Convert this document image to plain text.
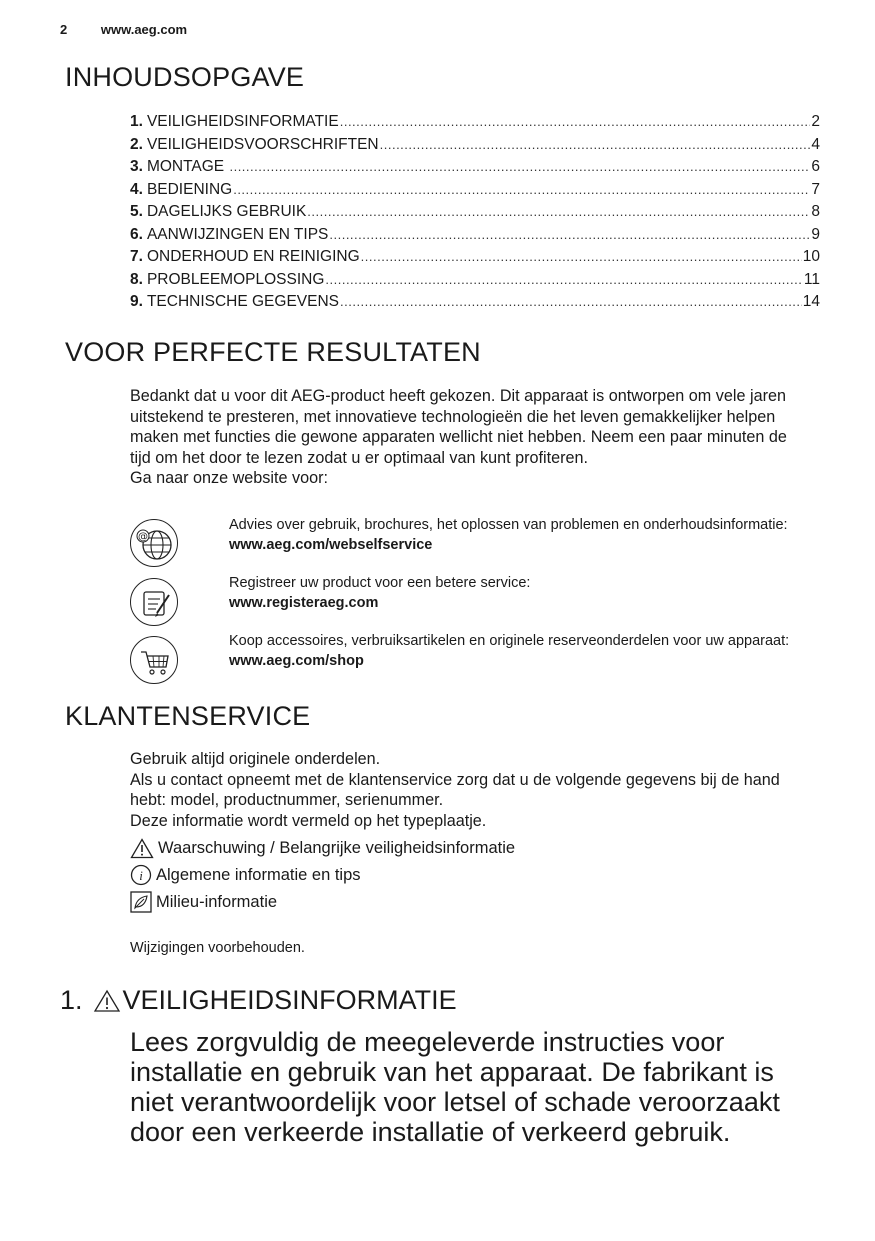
2	www.aeg.com
INHOUDSOPGAVE
1. VEILIGHEIDSINFORMATIE .....	2
2. VEILIGHEIDSVOORSCHRIFTEN .....	4
3. MONTAGE .....	6
4. BEDIENING .....	7
5. DAGELIJKS GEBRUIK .....	8
6. AANWIJZINGEN EN TIPS .....	9
7. ONDERHOUD EN REINIGING .....	10
8. PROBLEEMOPLOSSING .....	11
9. TECHNISCHE GEGEVENS .....	14
VOOR PERFECTE RESULTATEN

Bedankt dat u voor dit AEG-product heeft gekozen. Dit apparaat is ontworpen om vele jaren uitstekend te presteren, met innovatieve technologieën die het leven gemakkelijker helpen maken met functies die gewone apparaten wellicht niet hebben. Neem een paar minuten de tijd om het door te lezen zodat u er optimaal van kunt profiteren.

Ga naar onze website voor:

@
Advies over gebruik, brochures, het oplossen van problemen en onderhoudsinformatie:
www.aeg.com/webselfservice
Registreer uw product voor een betere service:
www.registeraeg.com
Koop accessoires, verbruiksartikelen en originele reserveonderdelen voor uw apparaat:
www.aeg.com/shop
KLANTENSERVICE

Gebruik altijd originele onderdelen.

Als u contact opneemt met de klantenservice zorg dat u de volgende gegevens bij de hand hebt: model, productnummer, serienummer.

Deze informatie wordt vermeld op het typeplaatje.

Waarschuwing / Belangrijke veiligheidsinformatie
i Algemene informatie en tips
Milieu-informatie
Wijzigingen voorbehouden.
1. VEILIGHEIDSINFORMATIE

Lees zorgvuldig de meegeleverde instructies voor installatie en gebruik van het apparaat. De fabrikant is niet verantwoordelijk voor letsel of schade veroorzaakt door een verkeerde installatie of verkeerd gebruik.
